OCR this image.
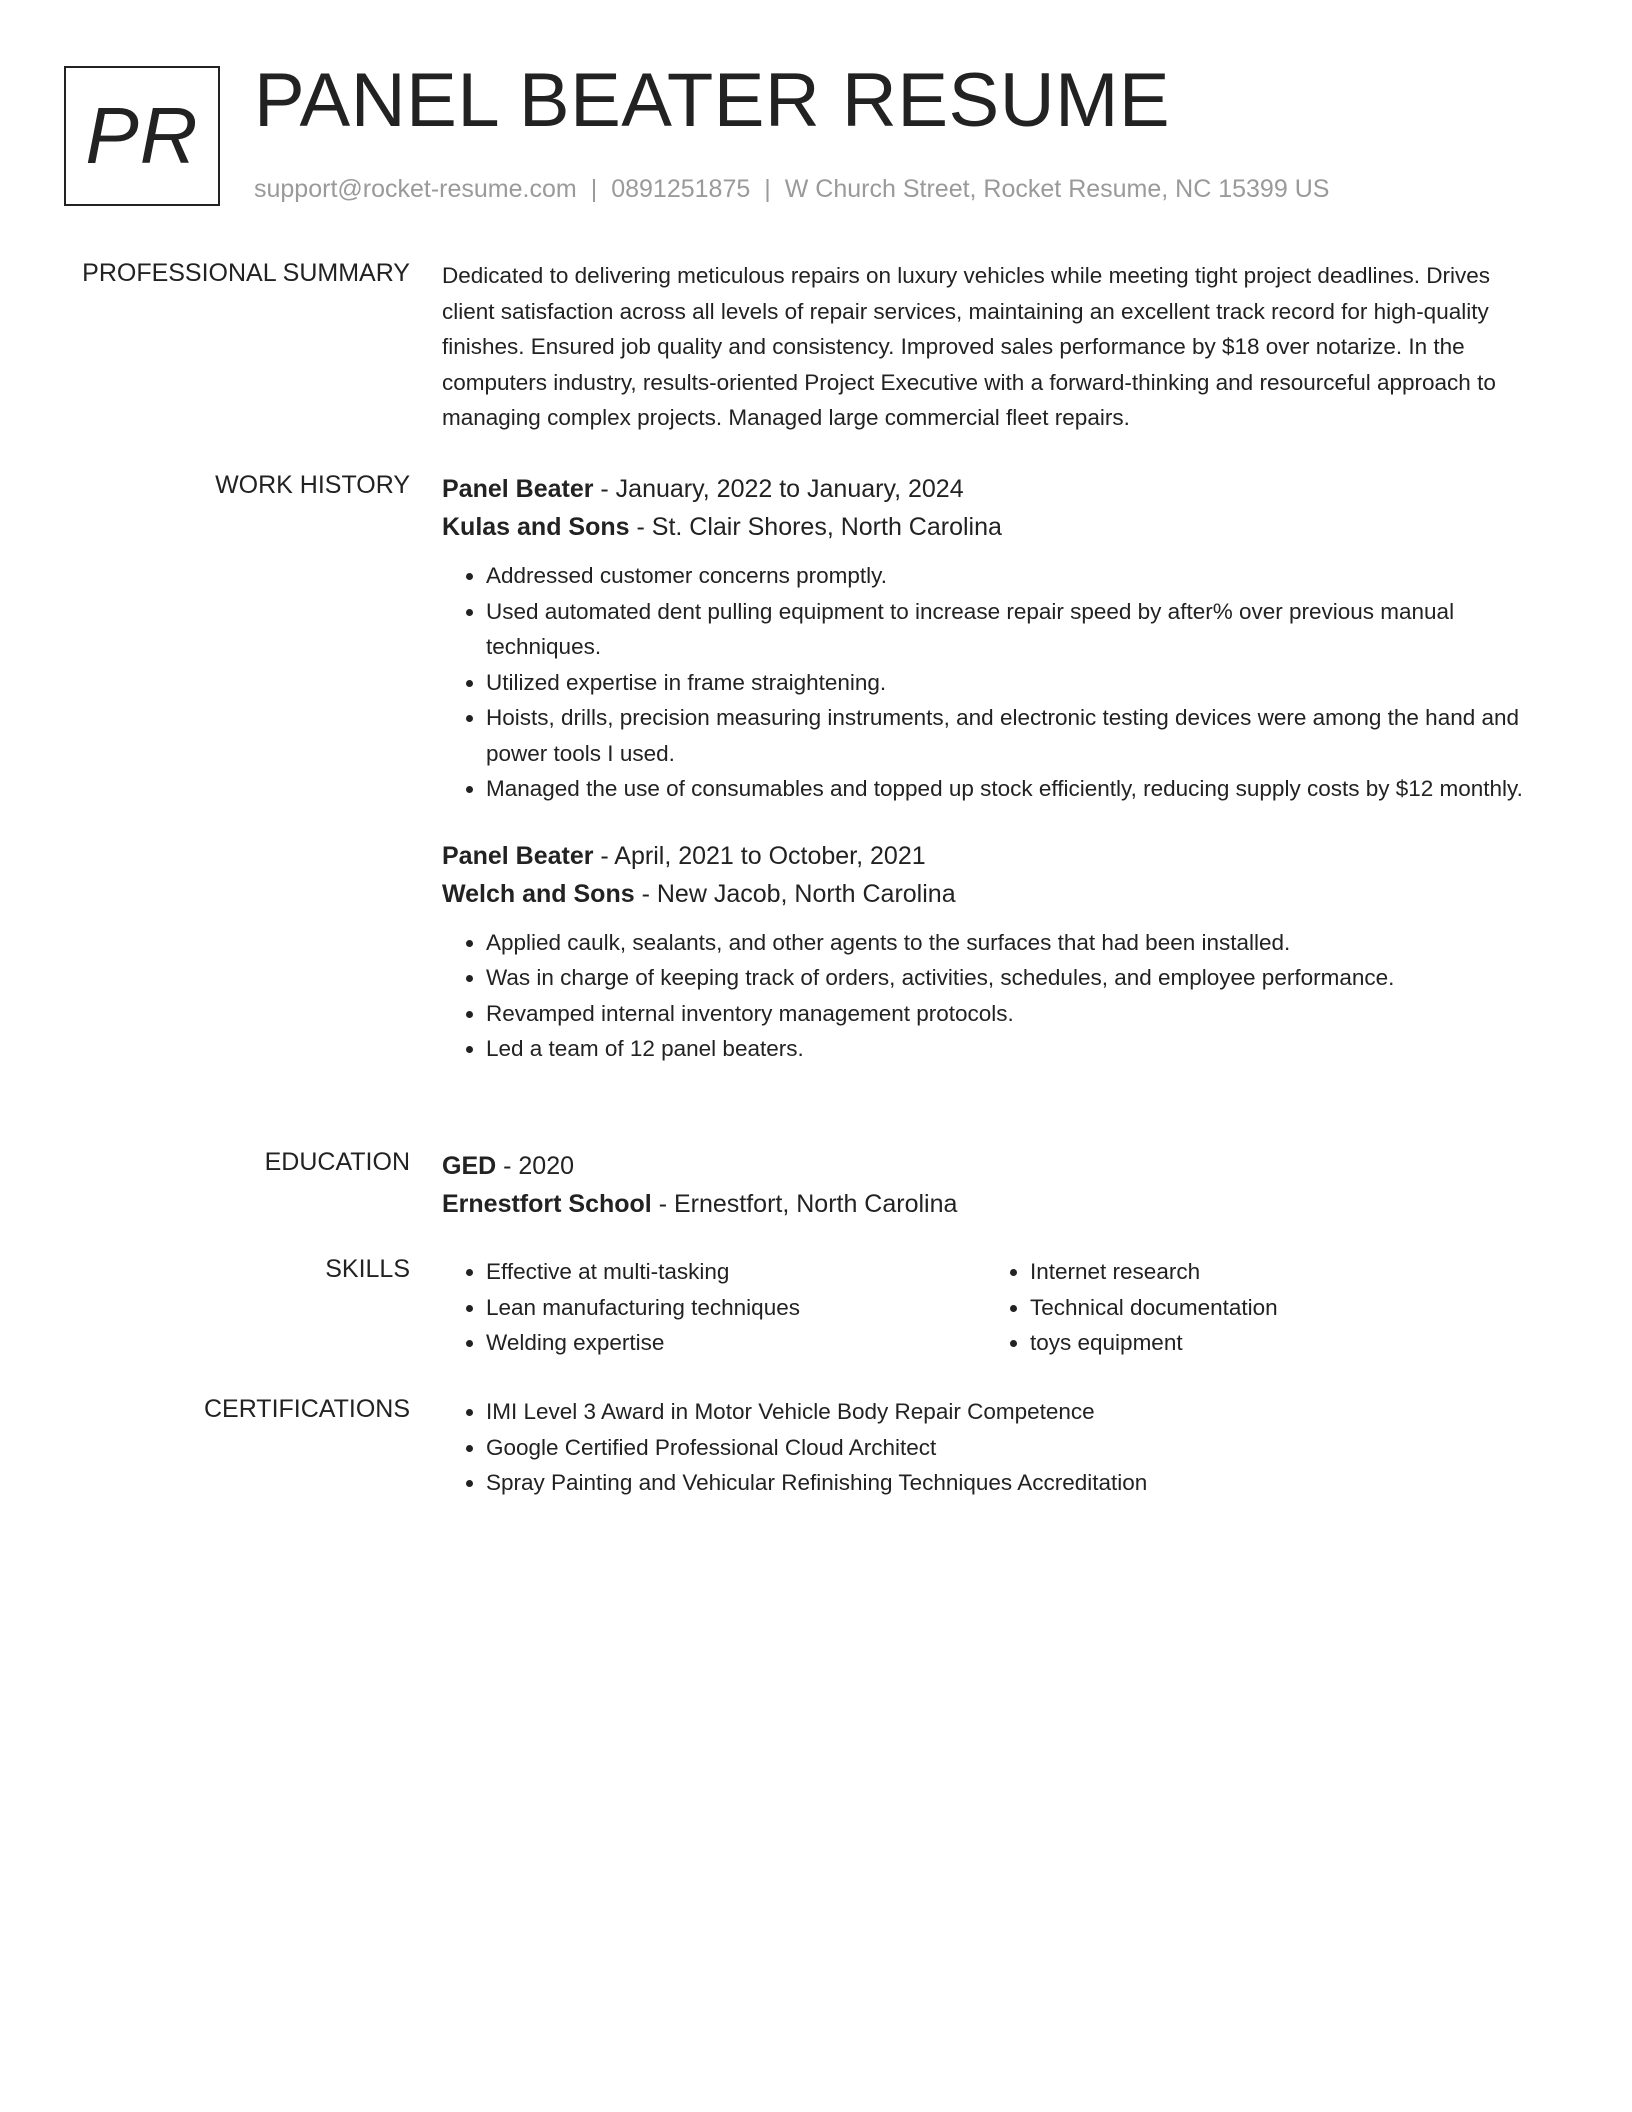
PR PANEL BEATER RESUME
support@rocket-resume.com | 0891251875 | W Church Street, Rocket Resume, NC 15399 US
PROFESSIONAL SUMMARY Dedicated to delivering meticulous repairs on luxury vehicles while meeting tight project deadlines. Drives client satisfaction across all levels of repair services, maintaining an excellent track record for high-quality finishes. Ensured job quality and consistency. Improved sales performance by $18 over notarize. In the computers industry, results-oriented Project Executive with a forward-thinking and resourceful approach to managing complex projects. Managed large commercial fleet repairs.

WORK HISTORY Panel Beater - January, 2022 to January, 2024

Kulas and Sons - St. Clair Shores, North Carolina

• Addressed customer concerns promptly.
• Used automated dent pulling equipment to increase repair speed by after% over previous manual techniques.
• Utilized expertise in frame straightening.
• Hoists, drills, precision measuring instruments, and electronic testing devices were among the hand and power tools I used.
• Managed the use of consumables and topped up stock efficiently, reducing supply costs by $12 monthly.

Panel Beater - April, 2021 to October, 2021

Welch and Sons - New Jacob, North Carolina

• Applied caulk, sealants, and other agents to the surfaces that had been installed.
• Was in charge of keeping track of orders, activities, schedules, and employee performance.
• Revamped internal inventory management protocols.
• Led a team of 12 panel beaters.
EDUCATION GED - 2020

Ernestfort School - Ernestfort, North Carolina

SKILLS	• Effective at multi-tasking
• Lean manufacturing techniques
• Welding expertise
• Internet research
• Technical documentation
• toys equipment
CERTIFICATIONS	• IMI Level 3 Award in Motor Vehicle Body Repair Competence
• Google Certified Professional Cloud Architect
• Spray Painting and Vehicular Refinishing Techniques Accreditation
